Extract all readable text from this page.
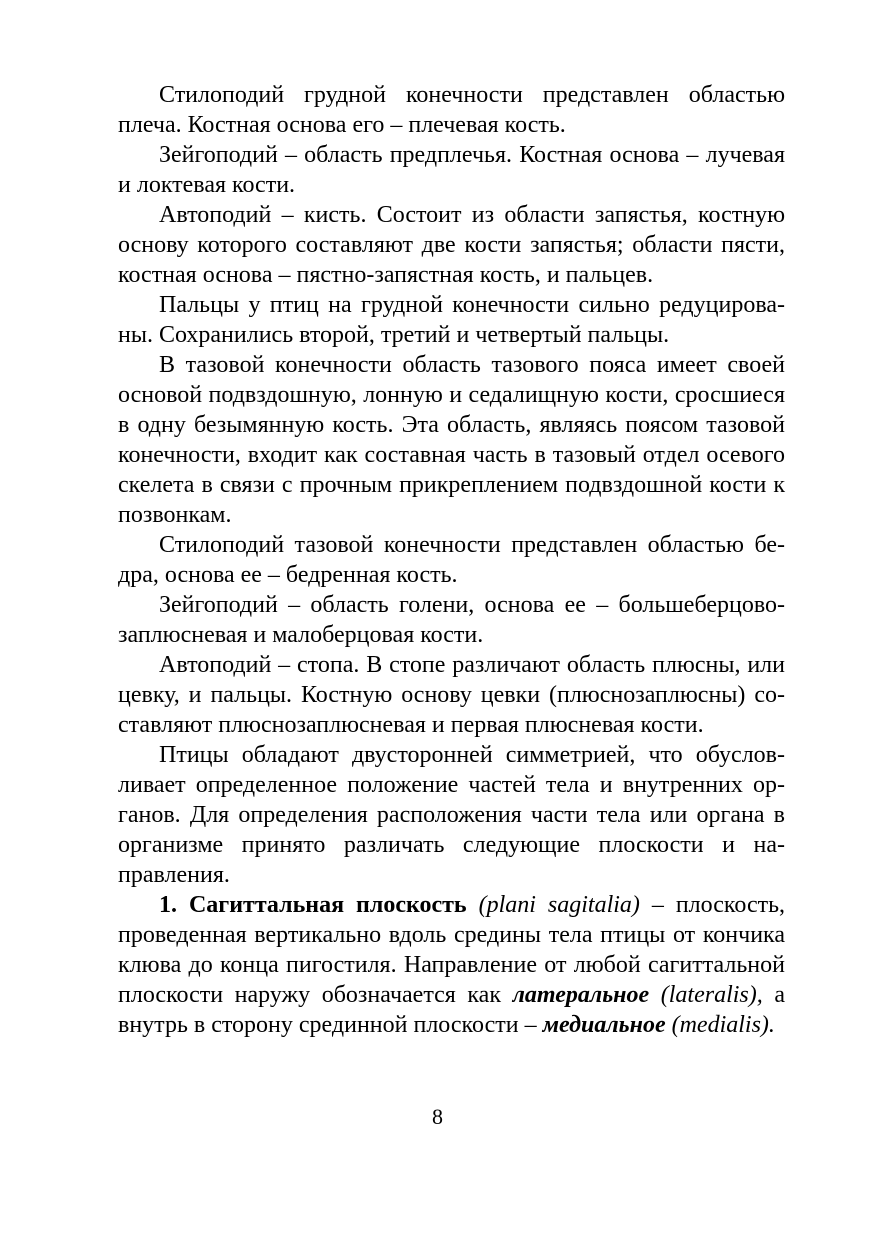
Стилоподий грудной конечности представлен областью плеча. Костная основа его – плечевая кость.

Зейгоподий – область предплечья. Костная основа – лучевая и локтевая кости.

Автоподий – кисть. Состоит из области запястья, костную основу которого составляют две кости запястья; области пясти, костная основа – пястно-запястная кость, и пальцев.

Пальцы у птиц на грудной конечности сильно редуцированы. Сохранились второй, третий и четвертый пальцы.

В тазовой конечности область тазового пояса имеет своей основой подвздошную, лонную и седалищную кости, сросшиеся в одну безымянную кость. Эта область, являясь поясом тазовой конечности, входит как составная часть в тазовый отдел осевого скелета в связи с прочным прикреплением подвздошной кости к позвонкам.

Стилоподий тазовой конечности представлен областью бедра, основа ее – бедренная кость.

Зейгоподий – область голени, основа ее – большеберцово-заплюсневая и малоберцовая кости.

Автоподий – стопа. В стопе различают область плюсны, или цевку, и пальцы. Костную основу цевки (плюснозаплюсны) составляют плюснозаплюсневая и первая плюсневая кости.

Птицы обладают двусторонней симметрией, что обусловливает определенное положение частей тела и внутренних органов. Для определения расположения части тела или органа в организме принято различать следующие плоскости и направления.

1. Сагиттальная плоскость (plani sagitalia) – плоскость, проведенная вертикально вдоль средины тела птицы от кончика клюва до конца пигостиля. Направление от любой сагиттальной плоскости наружу обозначается как латеральное (lateralis), а внутрь в сторону срединной плоскости – медиальное (medialis).

8
